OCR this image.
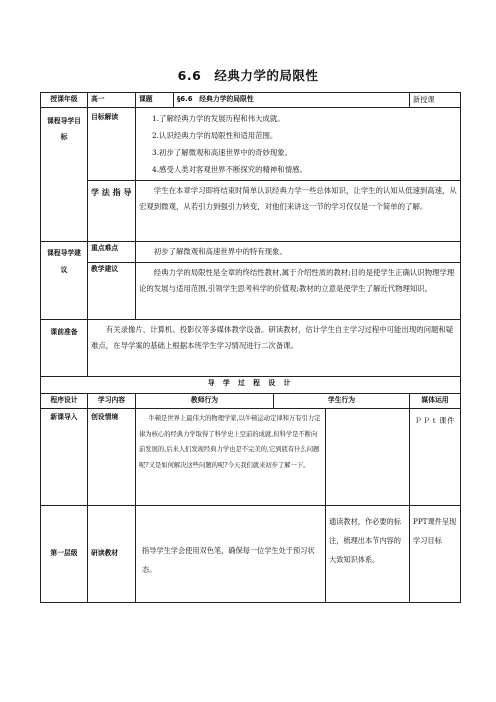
6.6　经典力学的局限性
授课年级	高一	课题	§6.6　经典力学的局限性			新授课
课程导学目标	目标解读	1.了解经典力学的发展历程和伟大成就。
2.认识经典力学的局限性和适用范围。
3.初步了解微观和高速世界中的奇妙现象。
4.感受人类对客观世界不断探究的精神和情感。				

	学 法 指 导	学生在本章学习即将结束时简单认识经典力学一些总体知识，让学生的认知从低速到高速，从宏观到微观，从若引力到强引力转变，对他们来讲这一节的学习仅仅是一个简单的了解。				
课程导学建议	重点难点	初步了解微观和高速世界中的特有现象。				
	教学建议	经典力学的局限性是全章的终结性教材,属于介绍性质的教材;目的是使学生正确认识物理学理论的发展与适用范围,引领学生思考科学的价值观;教材的立意是使学生了解近代物理知识。				
课前准备	有关录像片、计算机、投影仪等多媒体教学设备。研读教材，估计学生自主学习过程中可能出现的问题和疑难点，在导学案的基础上根据本班学生学习情况进行二次备课。					
导 学 过 程 设 计						
程序设计	学习内容	教师行为		学生行为		媒体运用
新课导入	创设情境	牛顿是世界上最伟大的物理学家,以牛顿运动定律和万有引力定律为核心的经典力学取得了科学史上空前的成就,但科学是不断向前发展的,后来人们发现经典力学也是不完美的,它到底有什么问题呢?又是如何解决这些问题的呢?今天我们就来初步了解一下。				ＰＰｔ课件
第一层级	研读教材	指导学生学会使用双色笔，确保每一位学生处于预习状态。			通读教材，作必要的标注，梳理出本节内容的大致知识体系。	PPT课件呈现学习目标
